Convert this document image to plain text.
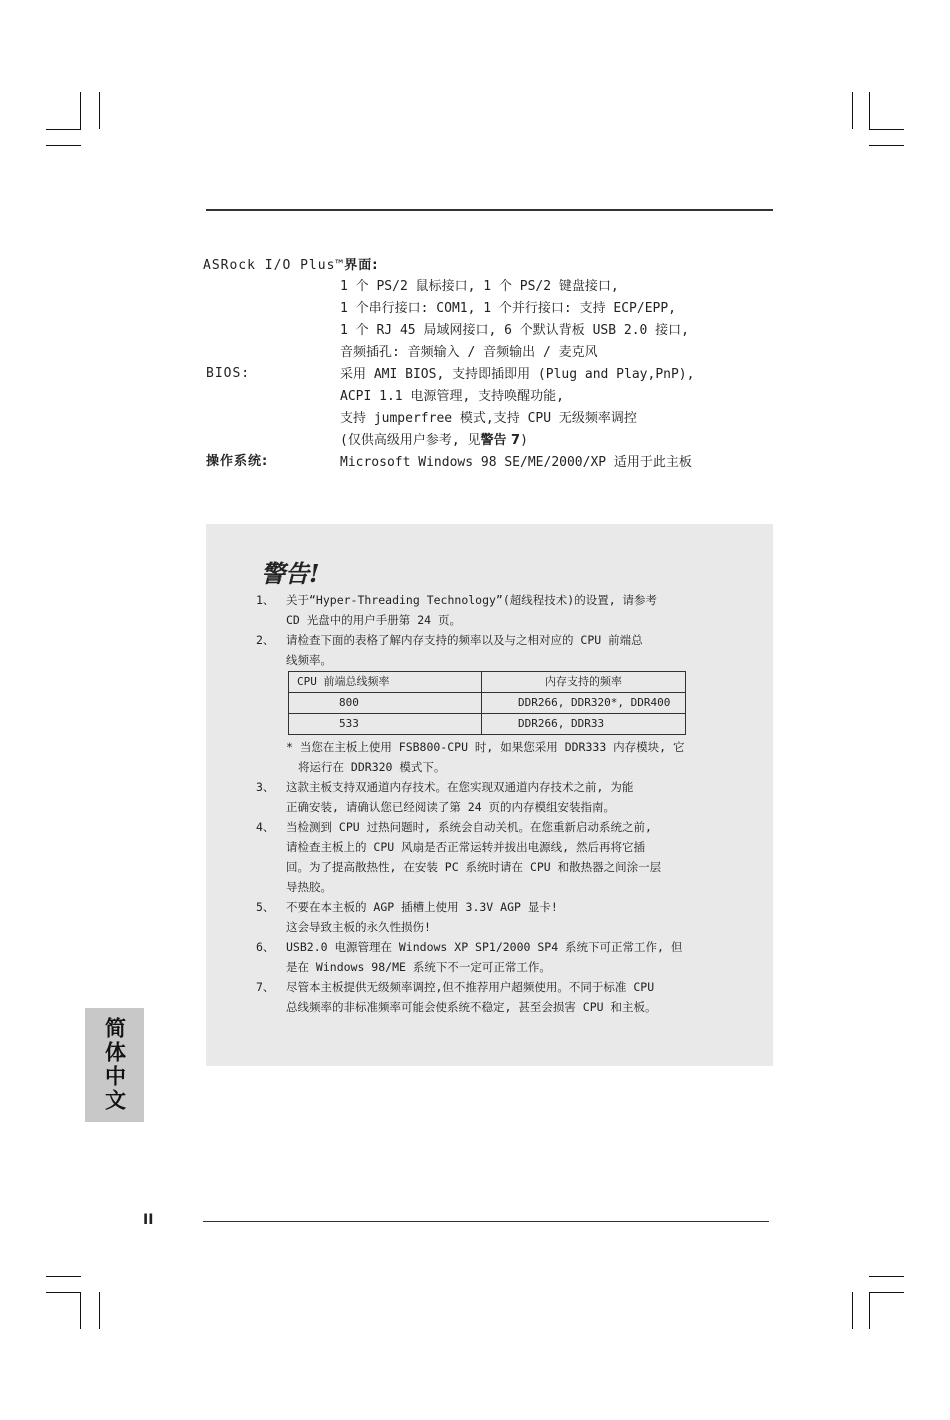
ASRock I/O Plus™界面:
1 个 PS/2 鼠标接口, 1 个 PS/2 键盘接口,
1 个串行接口: COM1, 1 个并行接口: 支持 ECP/EPP,
1 个 RJ 45 局域网接口, 6 个默认背板 USB 2.0 接口,
音频插孔: 音频输入 / 音频输出 / 麦克风
BIOS:	采用 AMI BIOS, 支持即插即用 (Plug and Play,PnP),
ACPI 1.1 电源管理, 支持唤醒功能,
支持 jumperfree 模式,支持 CPU 无级频率调控
(仅供高级用户参考, 见警告 7)
操作系统:	Microsoft Windows 98 SE/ME/2000/XP 适用于此主板
警告!
1、 关于“Hyper-Threading Technology”(超线程技术)的设置, 请参考
CD 光盘中的用户手册第 24 页。
2、 请检查下面的表格了解内存支持的频率以及与之相对应的 CPU 前端总
线频率。
CPU 前端总线频率	内存支持的频率
800	DDR266, DDR320*, DDR400
533	DDR266, DDR33
* 当您在主板上使用 FSB800-CPU 时, 如果您采用 DDR333 内存模块, 它
将运行在 DDR320 模式下。
3、 这款主板支持双通道内存技术。在您实现双通道内存技术之前, 为能
正确安装, 请确认您已经阅读了第 24 页的内存模组安装指南。
4、 当检测到 CPU 过热问题时, 系统会自动关机。在您重新启动系统之前,
请检查主板上的 CPU 风扇是否正常运转并拔出电源线, 然后再将它插
回。为了提高散热性, 在安装 PC 系统时请在 CPU 和散热器之间涂一层
导热胶。
5、 不要在本主板的 AGP 插槽上使用 3.3V AGP 显卡!
这会导致主板的永久性损伤!
6、 USB2.0 电源管理在 Windows XP SP1/2000 SP4 系统下可正常工作, 但
是在 Windows 98/ME 系统下不一定可正常工作。
7、 尽管本主板提供无级频率调控,但不推荐用户超频使用。不同于标准 CPU
总线频率的非标准频率可能会使系统不稳定, 甚至会损害 CPU 和主板。
简体中文
II
